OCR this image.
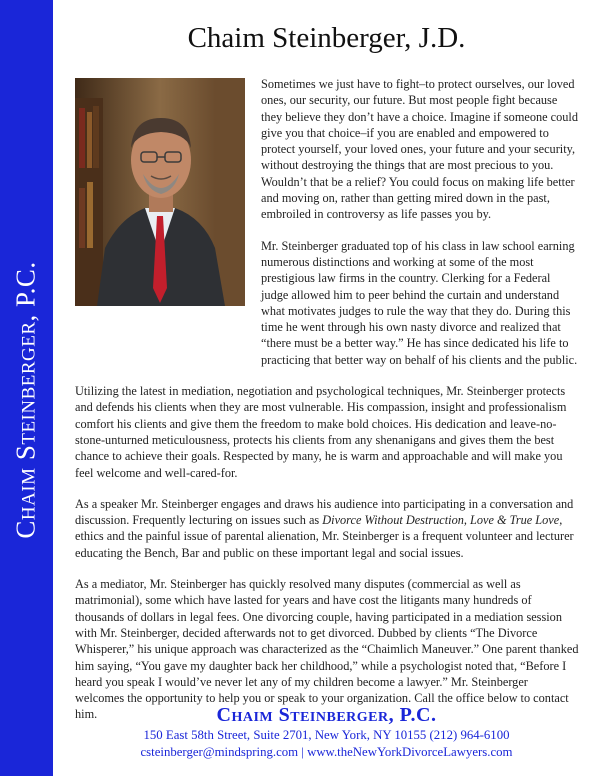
Chaim Steinberger, P.C.
Chaim Steinberger, J.D.

Sometimes we just have to fight–to protect ourselves, our loved ones, our security, our future. But most people fight because they believe they don’t have a choice. Imagine if someone could give you that choice–if you are enabled and empowered to protect yourself, your loved ones, your future and your security, without destroying the things that are most precious to you. Wouldn’t that be a relief? You could focus on making life better and moving on, rather than getting mired down in the past, embroiled in controversy as life passes you by.

Mr. Steinberger graduated top of his class in law school earning numerous distinctions and working at some of the most prestigious law firms in the country. Clerking for a Federal judge allowed him to peer behind the curtain and understand what motivates judges to rule the way that they do. During this time he went through his own nasty divorce and realized that “there must be a better way.” He has since dedicated his life to practicing that better way on behalf of his clients and the public.

Utilizing the latest in mediation, negotiation and psychological techniques, Mr. Steinberger protects and defends his clients when they are most vulnerable. His compassion, insight and professionalism comfort his clients and give them the freedom to make bold choices. His dedication and leave-no-stone-unturned meticulousness, protects his clients from any shenanigans and gives them the best chance to achieve their goals. Respected by many, he is warm and approachable and will make you feel welcome and well-cared-for.

As a speaker Mr. Steinberger engages and draws his audience into participating in a conversation and discussion. Frequently lecturing on issues such as Divorce Without Destruction, Love & True Love, ethics and the painful issue of parental alienation, Mr. Steinberger is a frequent volunteer and lecturer educating the Bench, Bar and public on these important legal and social issues.

As a mediator, Mr. Steinberger has quickly resolved many disputes (commercial as well as matrimonial), some which have lasted for years and have cost the litigants many hundreds of thousands of dollars in legal fees. One divorcing couple, having participated in a mediation session with Mr. Steinberger, decided afterwards not to get divorced. Dubbed by clients “The Divorce Whisperer,” his unique approach was characterized as the “Chaimlich Maneuver.” One parent thanked him saying, “You gave my daughter back her childhood,” while a psychologist noted that, “Before I heard you speak I would’ve never let any of my children become a lawyer.” Mr. Steinberger welcomes the opportunity to help you or speak to your organization. Call the office below to contact him.	Chaim Steinberger, P.C.
150 East 58th Street, Suite 2701, New York, NY 10155 (212) 964-6100
csteinberger@mindspring.com | www.theNewYorkDivorceLawyers.com
